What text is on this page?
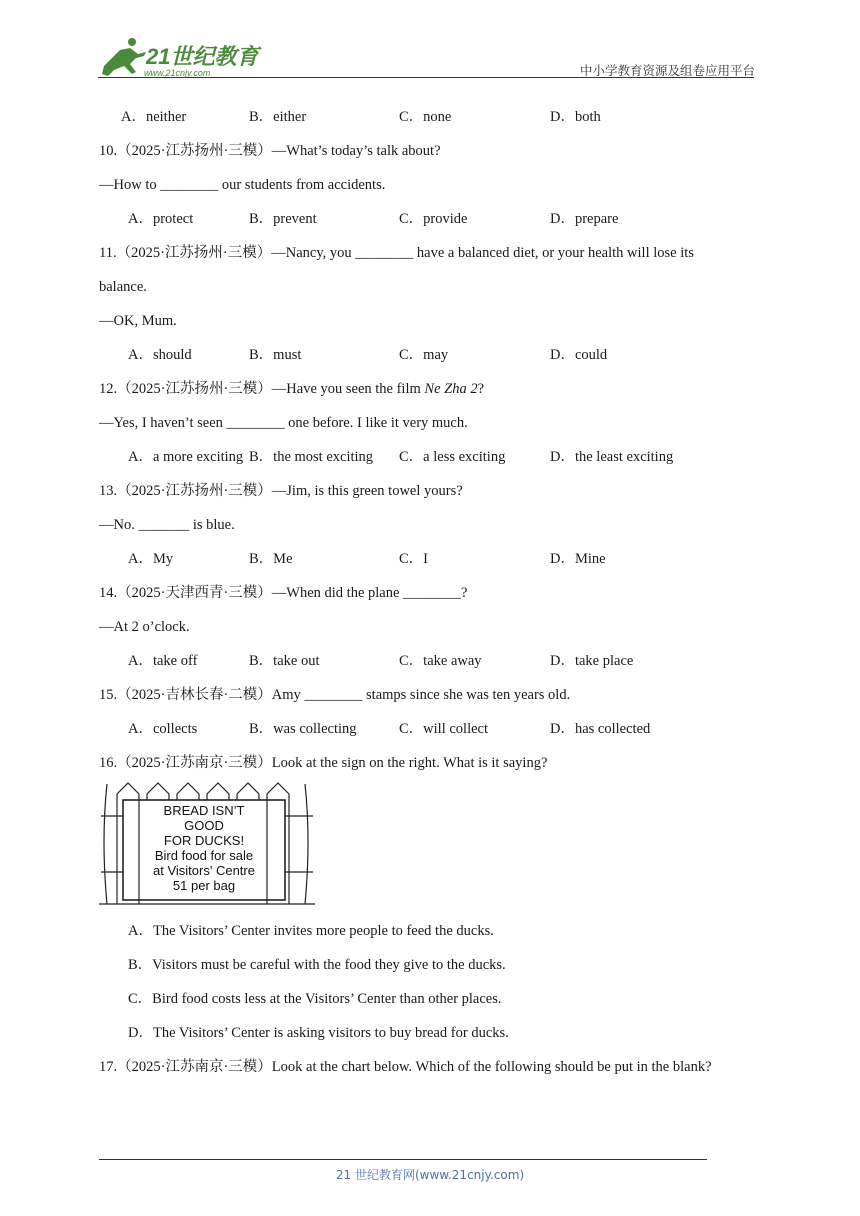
21世纪教育
www.21cnjy.com	中小学教育资源及组卷应用平台
A．neither	B．either	C．none	D．both
10.（2025·江苏扬州·三模）—What’s today’s talk about?
—How to ________ our students from accidents.
A．protect	B．prevent	C．provide	D．prepare
11.（2025·江苏扬州·三模）—Nancy, you ________ have a balanced diet, or your health will lose its
balance.
—OK, Mum.
A．should	B．must	C．may	D．could
12.（2025·江苏扬州·三模）—Have you seen the film Ne Zha 2?
—Yes, I haven’t seen ________ one before. I like it very much.
A．a more exciting B．the most exciting C．a less exciting	D．the least exciting
13.（2025·江苏扬州·三模）—Jim, is this green towel yours?
—No. _______ is blue.
A．My	B．Me	C．I	D．Mine
14.（2025·天津西青·三模）—When did the plane ________?
—At 2 o’clock.
A．take off	B．take out	C．take away	D．take place
15.（2025·吉林长春·二模）Amy ________ stamps since she was ten years old.
A．collects	B．was collecting	C．will collect	D．has collected
16.（2025·江苏南京·三模）Look at the sign on the right. What is it saying?
BREAD ISN’T
GOOD
FOR DUCKS!
Bird food for sale
at Visitors' Centre
51 per bag
A．The Visitors’ Center invites more people to feed the ducks.
B．Visitors must be careful with the food they give to the ducks.
C．Bird food costs less at the Visitors’ Center than other places.
D．The Visitors’ Center is asking visitors to buy bread for ducks.
17.（2025·江苏南京·三模）Look at the chart below. Which of the following should be put in the blank?
21 世纪教育网(www.21cnjy.com)
